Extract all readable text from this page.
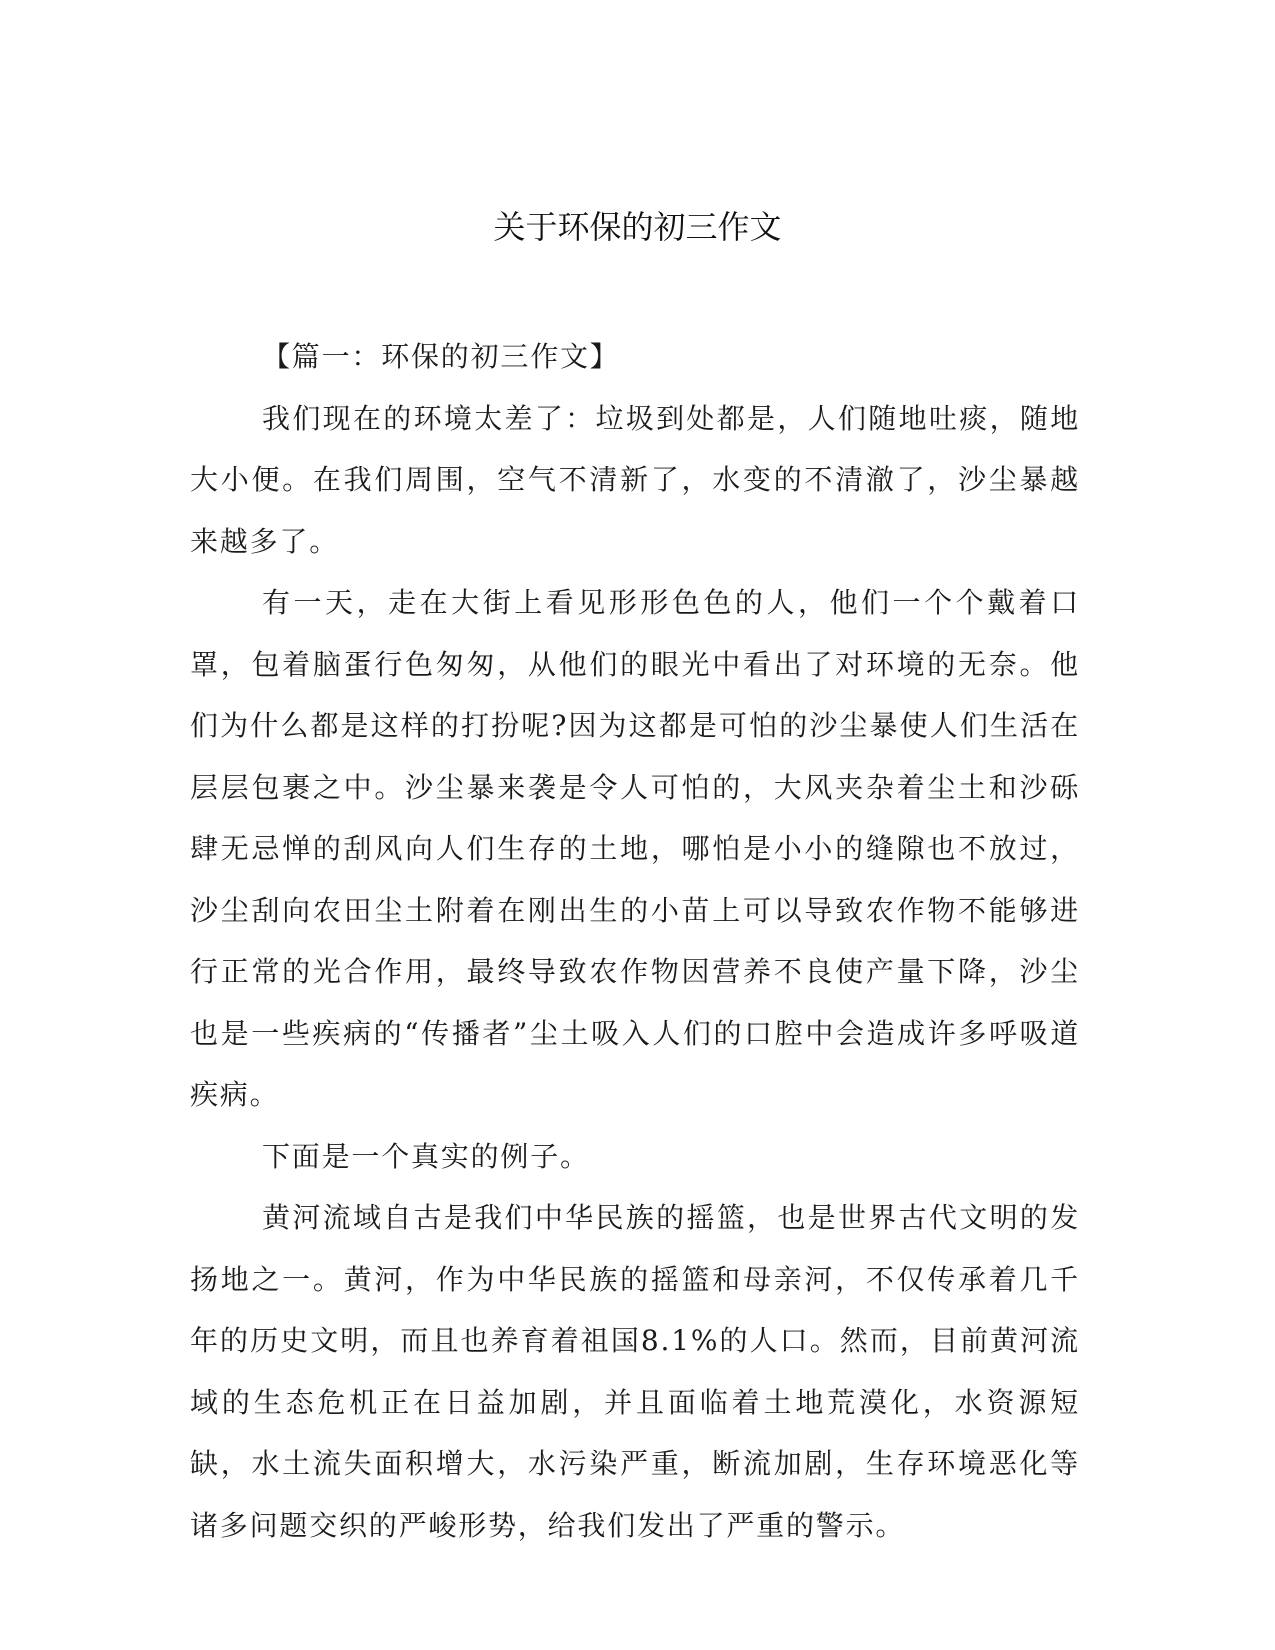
关于环保的初三作文

【篇一：环保的初三作文】

我们现在的环境太差了：垃圾到处都是，人们随地吐痰，随地大小便。在我们周围，空气不清新了，水变的不清澈了，沙尘暴越来越多了。

有一天，走在大街上看见形形色色的人，他们一个个戴着口罩，包着脑蛋行色匆匆，从他们的眼光中看出了对环境的无奈。他们为什么都是这样的打扮呢?因为这都是可怕的沙尘暴使人们生活在层层包裹之中。沙尘暴来袭是令人可怕的，大风夹杂着尘土和沙砾肆无忌惮的刮风向人们生存的土地，哪怕是小小的缝隙也不放过，沙尘刮向农田尘土附着在刚出生的小苗上可以导致农作物不能够进行正常的光合作用，最终导致农作物因营养不良使产量下降，沙尘也是一些疾病的“传播者”尘土吸入人们的口腔中会造成许多呼吸道疾病。

下面是一个真实的例子。

黄河流域自古是我们中华民族的摇篮，也是世界古代文明的发扬地之一。黄河，作为中华民族的摇篮和母亲河，不仅传承着几千年的历史文明，而且也养育着祖国8.1%的人口。然而，目前黄河流域的生态危机正在日益加剧，并且面临着土地荒漠化，水资源短缺，水土流失面积增大，水污染严重，断流加剧，生存环境恶化等诸多问题交织的严峻形势，给我们发出了严重的警示。
